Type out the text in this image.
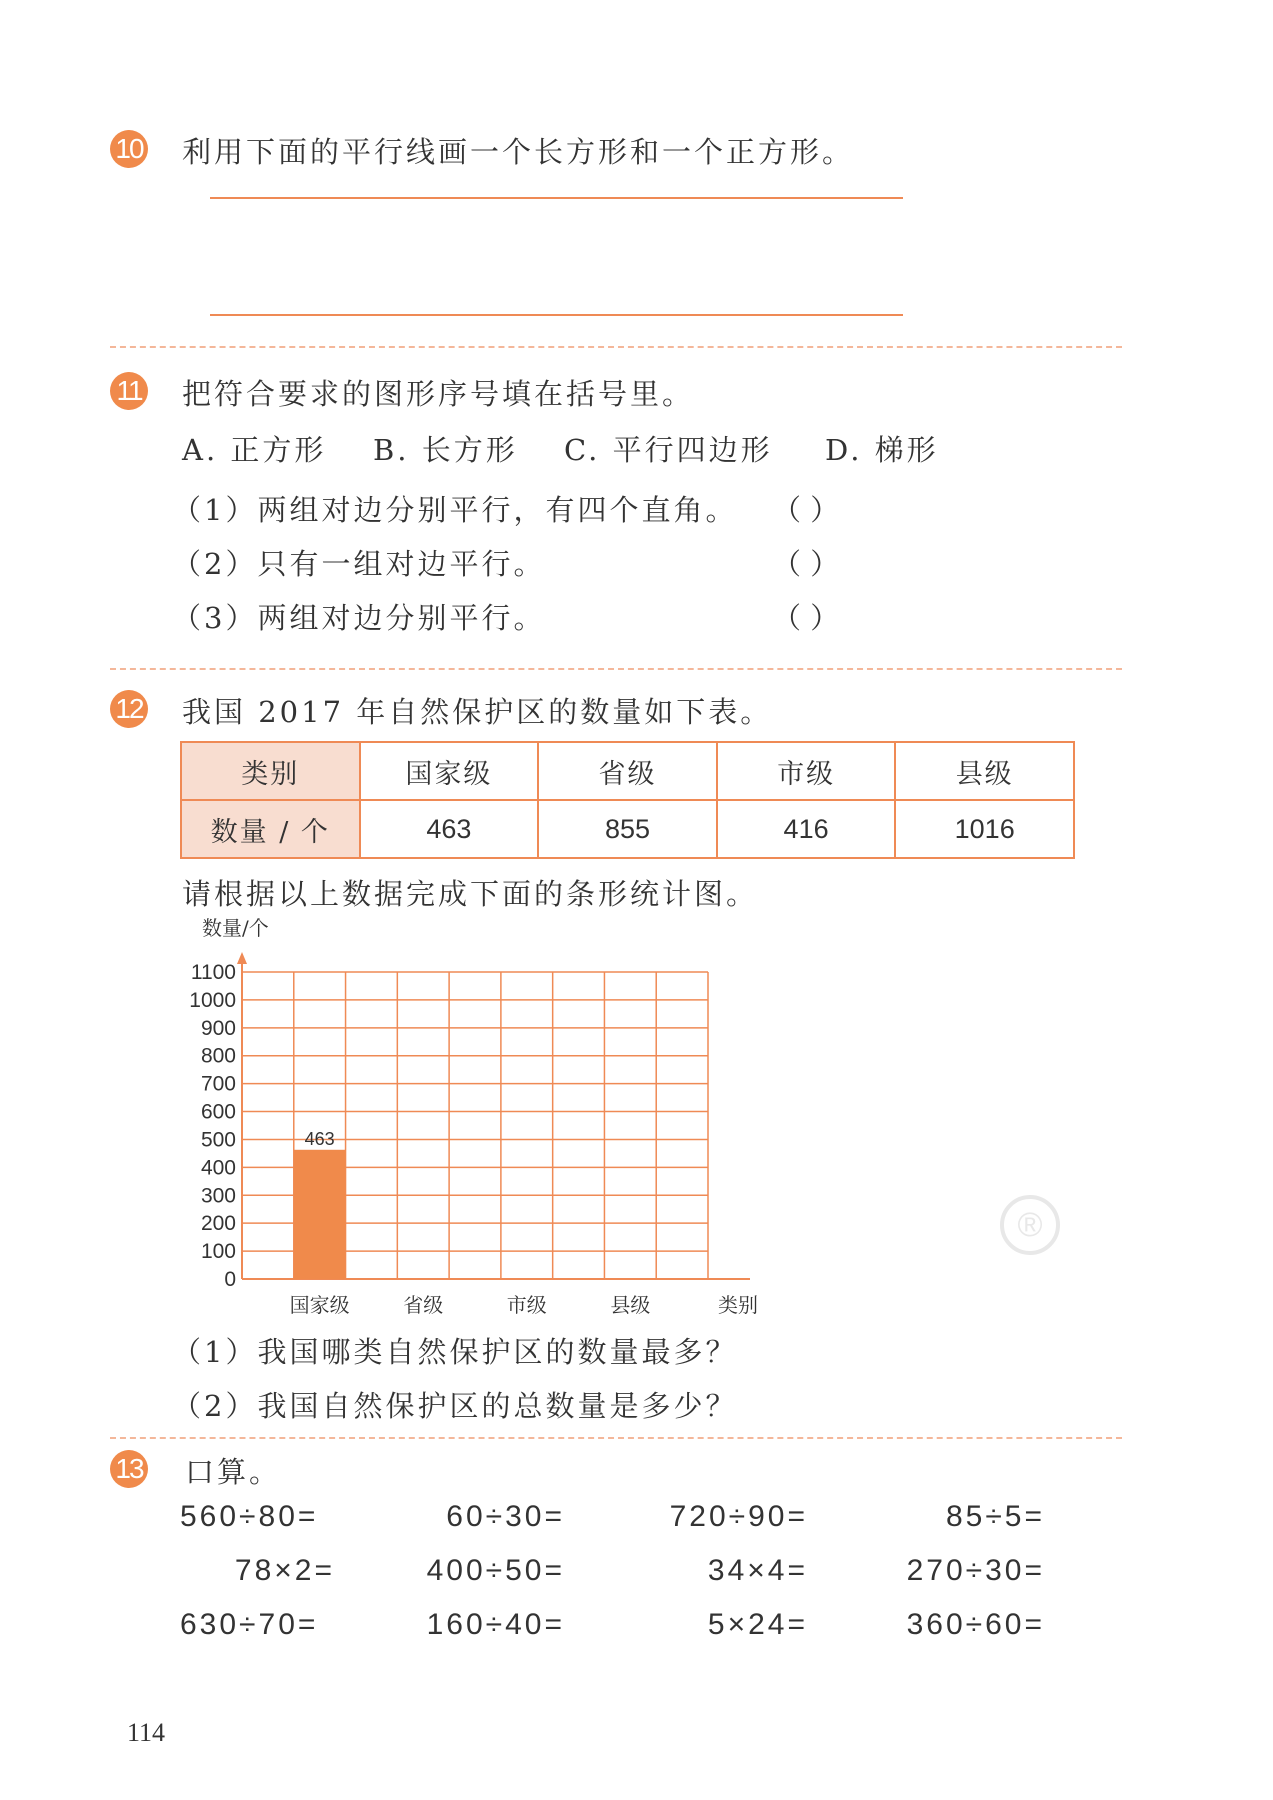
10 利用下面的平行线画一个长方形和一个正方形。
11 把符合要求的图形序号填在括号里。
A. 正方形 B. 长方形 C. 平行四边形 D. 梯形
（1）两组对边分别平行，有四个直角。 （ ）
（2）只有一组对边平行。	（ ）
（3）两组对边分别平行。	（ ）
12 我国 2017 年自然保护区的数量如下表。
类别	国家级	省级	市级	县级
数量 / 个	463	855	416	1016
请根据以上数据完成下面的条形统计图。
数量/个
0
100
200
300
400
500
600
700
800
900
1000
1100
463
国家级	省级	市级	县级	类别
（1）我国哪类自然保护区的数量最多？
（2）我国自然保护区的总数量是多少？
®
13 口算。
560÷80=	60÷30=	720÷90=	85÷5=
78×2=	400÷50=	34×4=	270÷30=
630÷70=	160÷40=	5×24=	360÷60=
114
